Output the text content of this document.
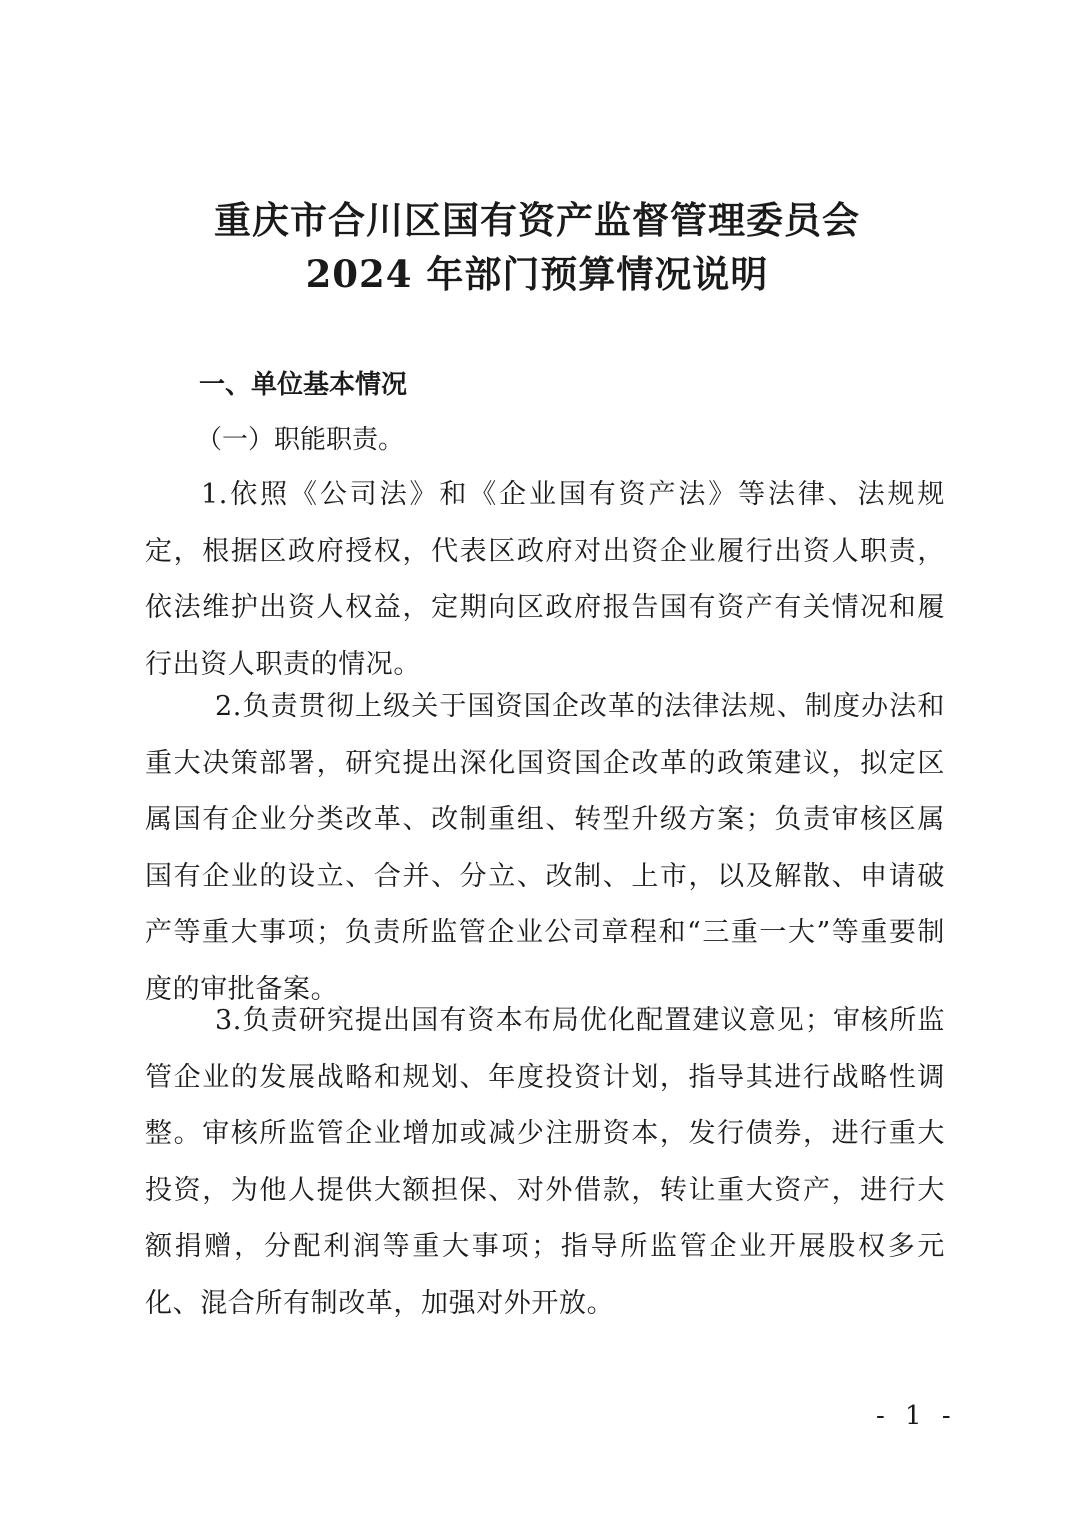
重庆市合川区国有资产监督管理委员会
2024 年部门预算情况说明
一、单位基本情况
（一）职能职责。
1.依照《公司法》和《企业国有资产法》等法律、法规规定，根据区政府授权，代表区政府对出资企业履行出资人职责，依法维护出资人权益，定期向区政府报告国有资产有关情况和履行出资人职责的情况。
2.负责贯彻上级关于国资国企改革的法律法规、制度办法和重大决策部署，研究提出深化国资国企改革的政策建议，拟定区属国有企业分类改革、改制重组、转型升级方案；负责审核区属国有企业的设立、合并、分立、改制、上市，以及解散、申请破产等重大事项；负责所监管企业公司章程和“三重一大”等重要制度的审批备案。
3.负责研究提出国有资本布局优化配置建议意见；审核所监管企业的发展战略和规划、年度投资计划，指导其进行战略性调整。审核所监管企业增加或减少注册资本，发行债券，进行重大投资，为他人提供大额担保、对外借款，转让重大资产，进行大额捐赠，分配利润等重大事项；指导所监管企业开展股权多元化、混合所有制改革，加强对外开放。
- 1 -
